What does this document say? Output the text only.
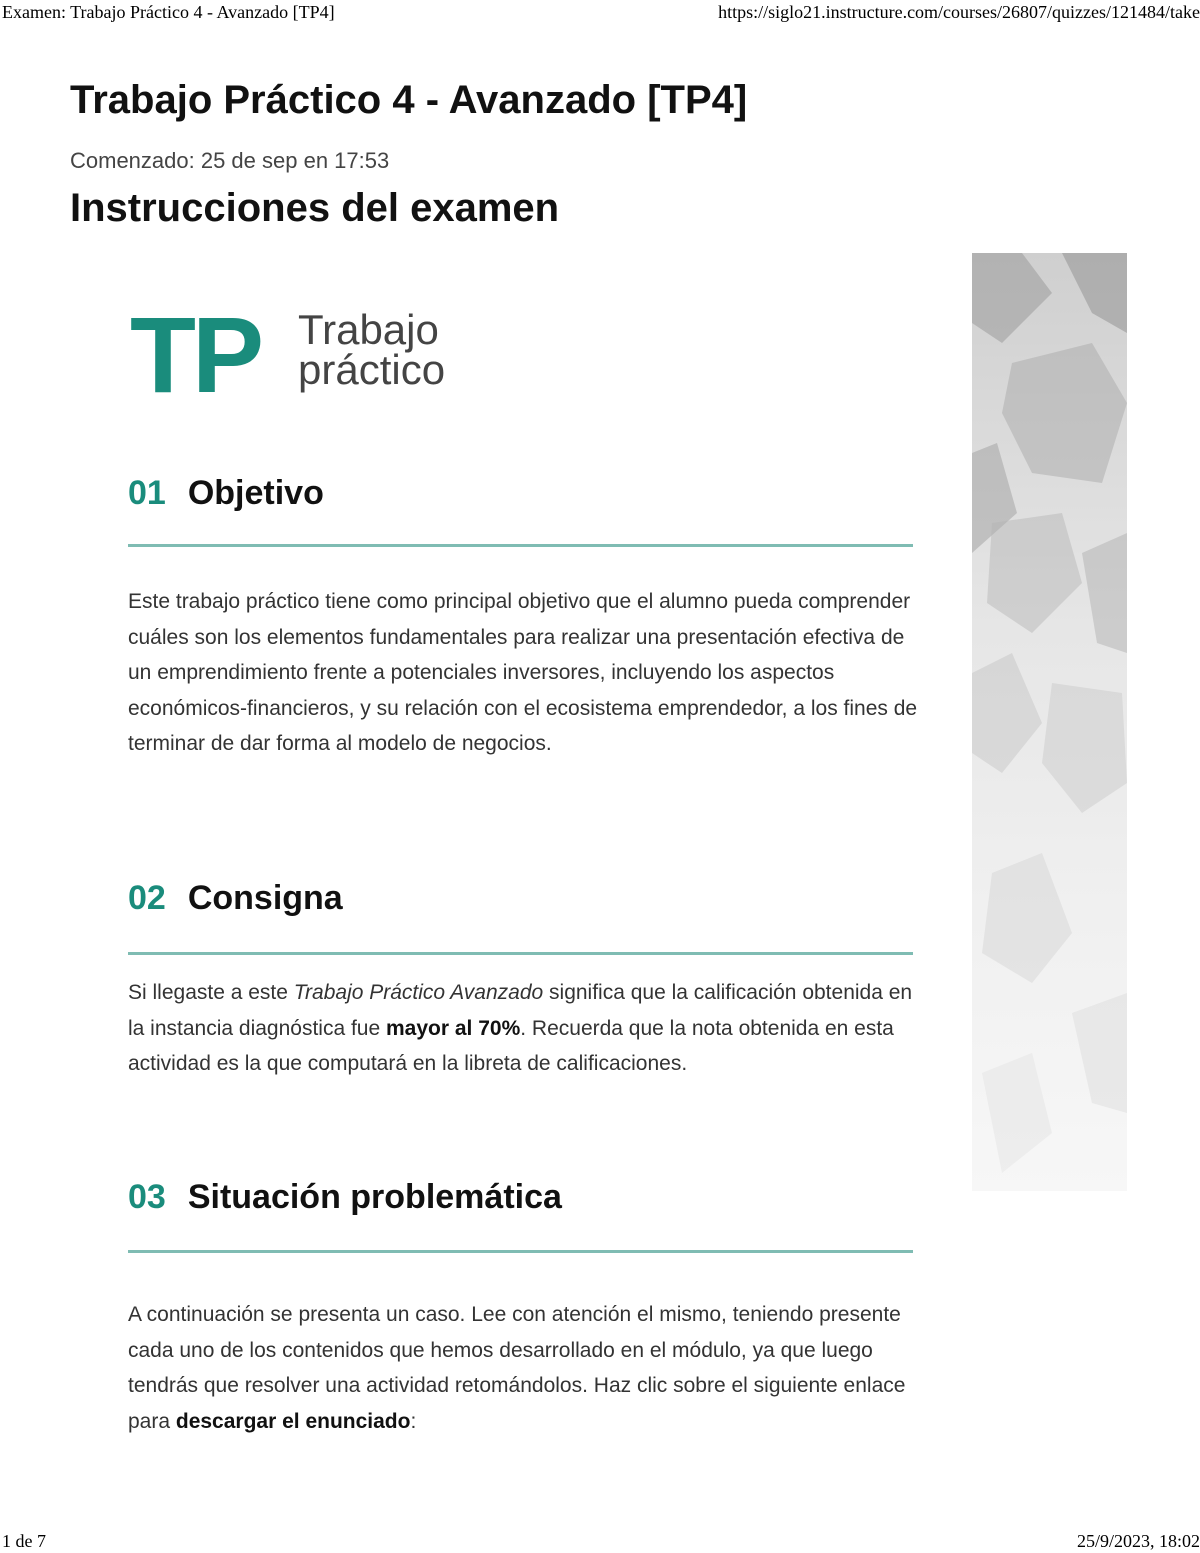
Examen: Trabajo Práctico 4 - Avanzado [TP4]	https://siglo21.instructure.com/courses/26807/quizzes/121484/take
Trabajo Práctico 4 - Avanzado [TP4]

Comenzado: 25 de sep en 17:53

Instrucciones del examen
TP Trabajo
práctico
01 Objetivo

Este trabajo práctico tiene como principal objetivo que el alumno pueda comprender cuáles son los elementos fundamentales para realizar una presentación efectiva de un emprendimiento frente a potenciales inversores, incluyendo los aspectos económicos-financieros, y su relación con el ecosistema emprendedor, a los fines de terminar de dar forma al modelo de negocios.

02 Consigna

Si llegaste a este Trabajo Práctico Avanzado significa que la calificación obtenida en la instancia diagnóstica fue mayor al 70%. Recuerda que la nota obtenida en esta actividad es la que computará en la libreta de calificaciones.

03 Situación problemática

A continuación se presenta un caso. Lee con atención el mismo, teniendo presente cada uno de los contenidos que hemos desarrollado en el módulo, ya que luego tendrás que resolver una actividad retomándolos. Haz clic sobre el siguiente enlace para descargar el enunciado:

1 de 7	25/9/2023, 18:02
